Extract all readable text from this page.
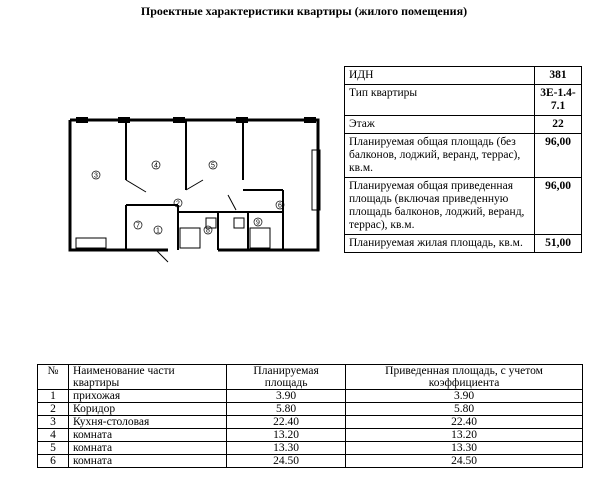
Проектные характеристики квартиры (жилого помещения)
3
4	5
2	6
1
7
8
9
ИДН	381
Тип квартиры	3Е-1.4-7.1
Этаж	22
Планируемая общая площадь (без балконов, лоджий, веранд, террас), кв.м.	96,00
Планируемая общая приведенная площадь (включая приведенную площадь балконов, лоджий, веранд, террас), кв.м.	96,00
Планируемая жилая площадь, кв.м.	51,00
№	Наименование части квартиры	Планируемая площадь	Приведенная площадь, с учетом коэффициента
1	прихожая	3.90	3.90
2	Коридор	5.80	5.80
3	Кухня-столовая	22.40	22.40
4	комната	13.20	13.20
5	комната	13.30	13.30
6	комната	24.50	24.50
